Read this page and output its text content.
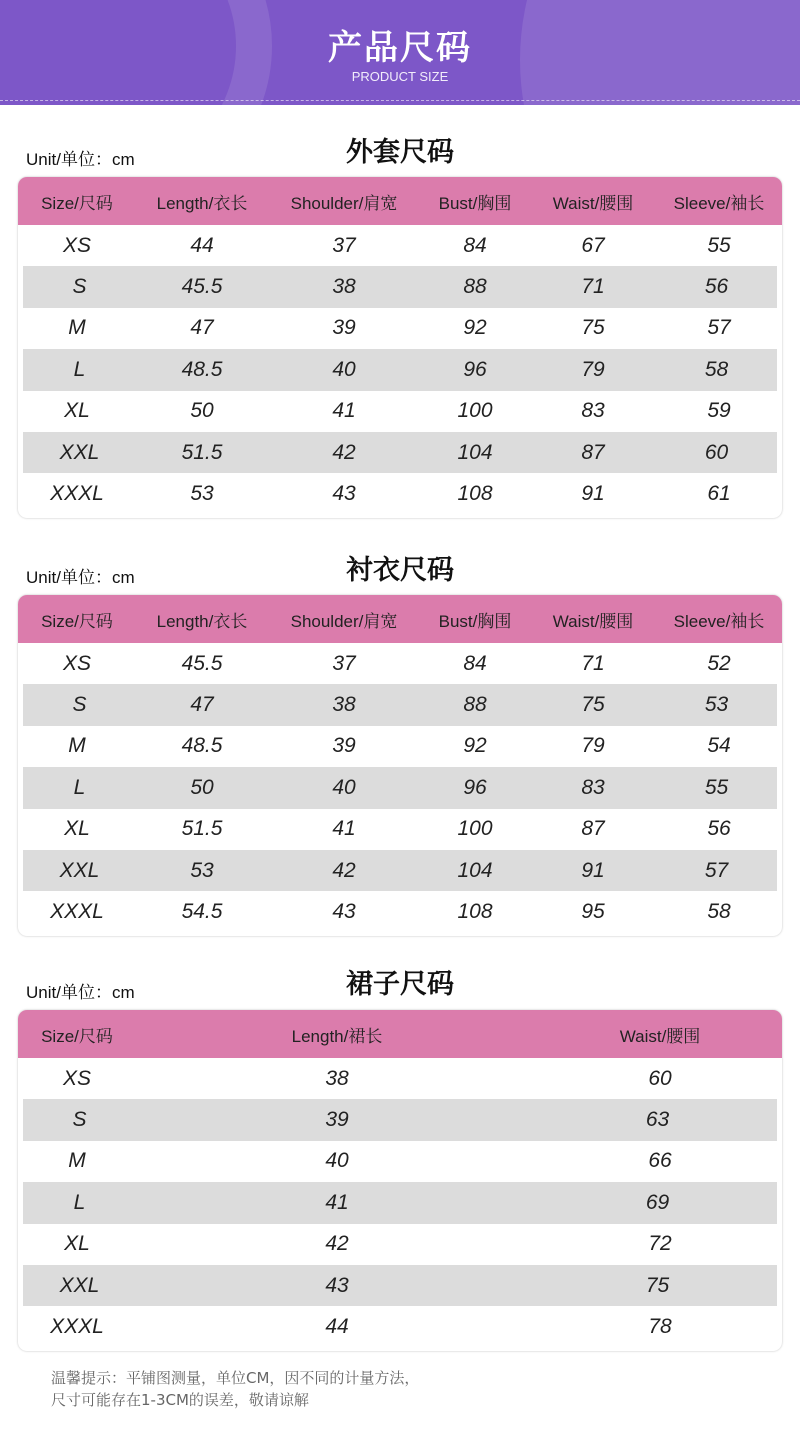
产品尺码
PRODUCT SIZE
Unit/单位：cm	外套尺码
Size/尺码	Length/衣长	Shoulder/肩宽	Bust/胸围	Waist/腰围	Sleeve/袖长
XS	44	37	84	67	55
S	45.5	38	88	71	56
M	47	39	92	75	57
L	48.5	40	96	79	58
XL	50	41	100	83	59
XXL	51.5	42	104	87	60
XXXL	53	43	108	91	61
Unit/单位：cm	衬衣尺码
Size/尺码	Length/衣长	Shoulder/肩宽	Bust/胸围	Waist/腰围	Sleeve/袖长
XS	45.5	37	84	71	52
S	47	38	88	75	53
M	48.5	39	92	79	54
L	50	40	96	83	55
XL	51.5	41	100	87	56
XXL	53	42	104	91	57
XXXL	54.5	43	108	95	58
Unit/单位：cm	裙子尺码
Size/尺码	Length/裙长	Waist/腰围
XS	38	60
S	39	63
M	40	66
L	41	69
XL	42	72
XXL	43	75
XXXL	44	78
温馨提示：平铺图测量，单位CM，因不同的计量方法，
尺寸可能存在1-3CM的误差，敬请谅解
